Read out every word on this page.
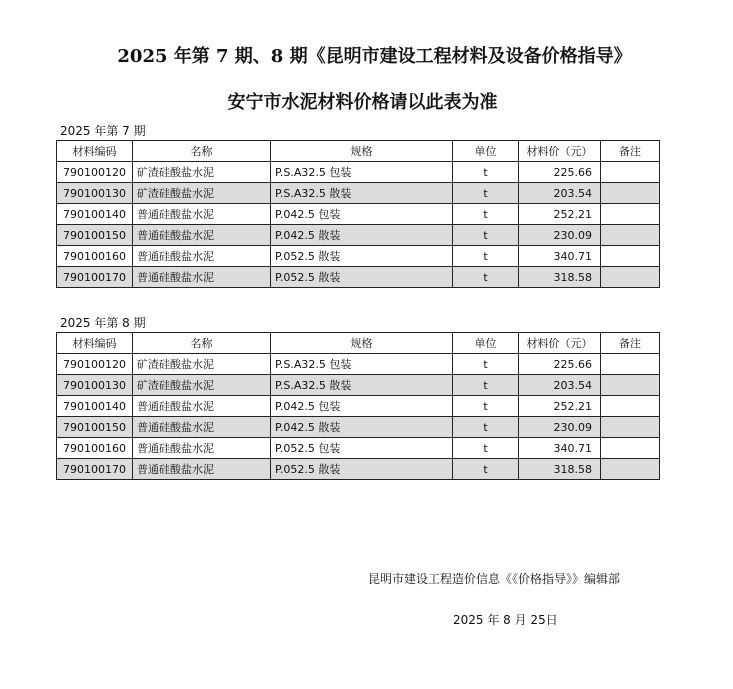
2025 年第 7 期、8 期《昆明市建设工程材料及设备价格指导》
安宁市水泥材料价格请以此表为准
2025 年第 7 期
材料编码	名称	规格	单位	材料价（元）	备注
790100120	矿渣硅酸盐水泥	P.S.A32.5 包装	t	225.66	
790100130	矿渣硅酸盐水泥	P.S.A32.5 散装	t	203.54	
790100140	普通硅酸盐水泥	P.042.5 包装	t	252.21	
790100150	普通硅酸盐水泥	P.042.5 散装	t	230.09	
790100160	普通硅酸盐水泥	P.052.5 散装	t	340.71	
790100170	普通硅酸盐水泥	P.052.5 散装	t	318.58	
2025 年第 8 期
材料编码	名称	规格	单位	材料价（元）	备注
790100120	矿渣硅酸盐水泥	P.S.A32.5 包装	t	225.66	
790100130	矿渣硅酸盐水泥	P.S.A32.5 散装	t	203.54	
790100140	普通硅酸盐水泥	P.042.5 包装	t	252.21	
790100150	普通硅酸盐水泥	P.042.5 散装	t	230.09	
790100160	普通硅酸盐水泥	P.052.5 包装	t	340.71	
790100170	普通硅酸盐水泥	P.052.5 散装	t	318.58	
昆明市建设工程造价信息《《价格指导》》编辑部
2025 年 8 月 25日
